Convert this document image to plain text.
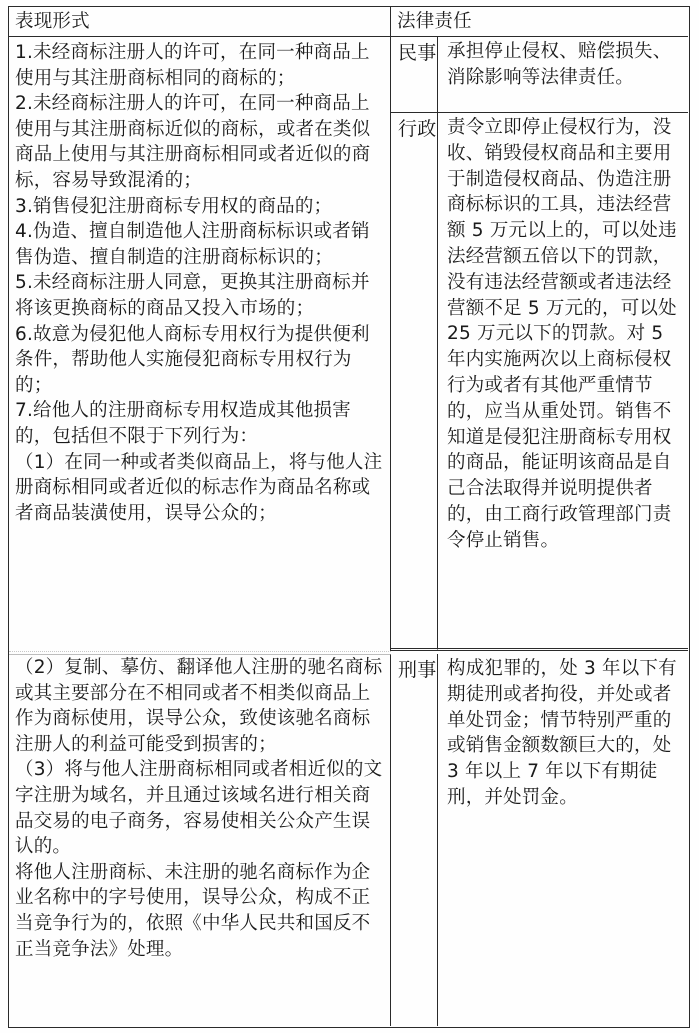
表现形式	法律责任
1.未经商标注册人的许可，在同一种商品上使用与其注册商标相同的商标的；
2.未经商标注册人的许可，在同一种商品上使用与其注册商标近似的商标，或者在类似商品上使用与其注册商标相同或者近似的商标，容易导致混淆的；
3.销售侵犯注册商标专用权的商品的；
4.伪造、擅自制造他人注册商标标识或者销售伪造、擅自制造的注册商标标识的；
5.未经商标注册人同意，更换其注册商标并将该更换商标的商品又投入市场的；
6.故意为侵犯他人商标专用权行为提供便利条件，帮助他人实施侵犯商标专用权行为的；
7.给他人的注册商标专用权造成其他损害的，包括但不限于下列行为：
（1）在同一种或者类似商品上，将与他人注册商标相同或者近似的标志作为商品名称或者商品装潢使用，误导公众的；
（2）复制、摹仿、翻译他人注册的驰名商标或其主要部分在不相同或者不相类似商品上作为商标使用，误导公众，致使该驰名商标注册人的利益可能受到损害的；
（3）将与他人注册商标相同或者相近似的文字注册为域名，并且通过该域名进行相关商品交易的电子商务，容易使相关公众产生误认的。
将他人注册商标、未注册的驰名商标作为企业名称中的字号使用，误导公众，构成不正当竞争行为的，依照《中华人民共和国反不正当竞争法》处理。
民事 承担停止侵权、赔偿损失、消除影响等法律责任。
行政 责令立即停止侵权行为，没收、销毁侵权商品和主要用于制造侵权商品、伪造注册商标标识的工具，违法经营额 5 万元以上的，可以处违法经营额五倍以下的罚款，没有违法经营额或者违法经营额不足 5 万元的，可以处 25 万元以下的罚款。对 5 年内实施两次以上商标侵权行为或者有其他严重情节的，应当从重处罚。销售不知道是侵犯注册商标专用权的商品，能证明该商品是自己合法取得并说明提供者的，由工商行政管理部门责令停止销售。
刑事 构成犯罪的，处 3 年以下有期徒刑或者拘役，并处或者单处罚金；情节特别严重的或销售金额数额巨大的，处 3 年以上 7 年以下有期徒刑，并处罚金。
